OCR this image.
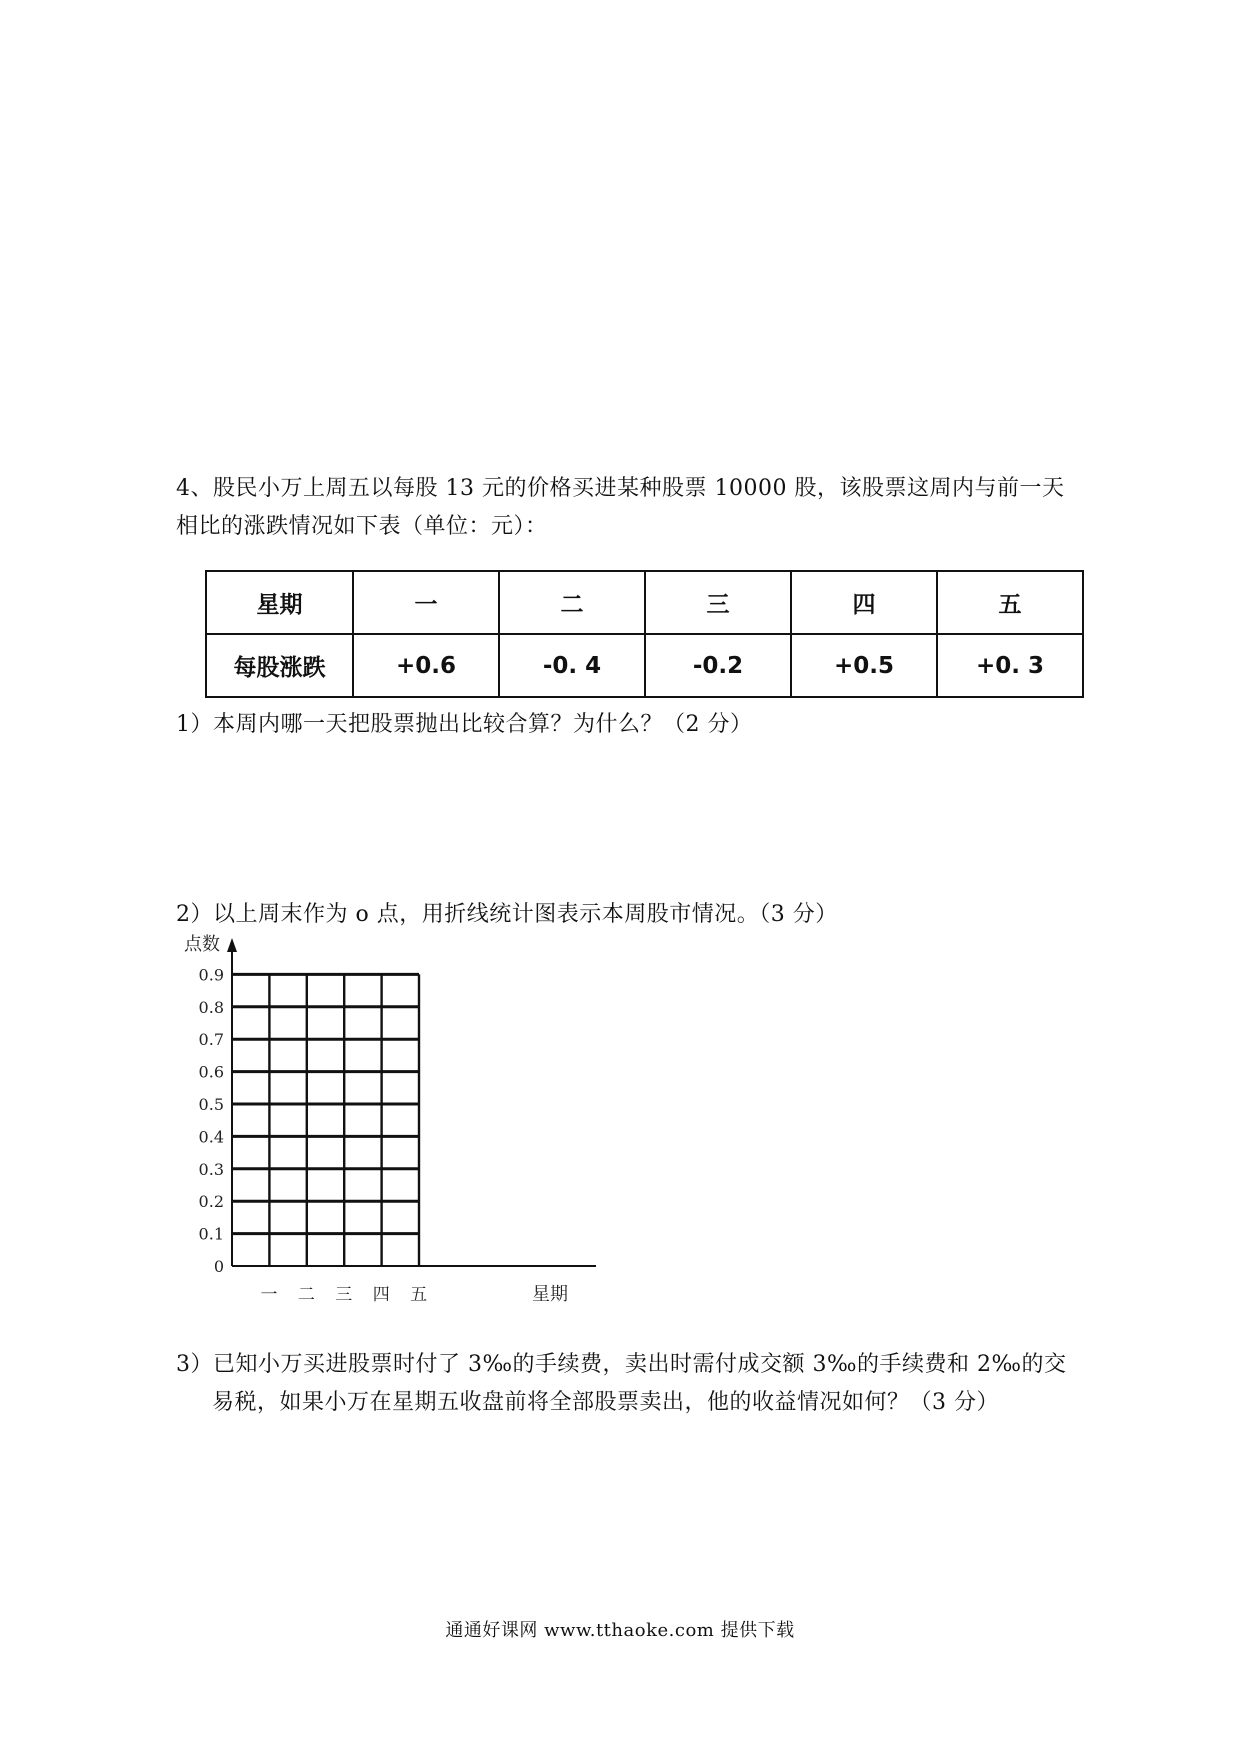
4、股民小万上周五以每股 13 元的价格买进某种股票 10000 股，该股票这周内与前一天
相比的涨跌情况如下表（单位：元）：
星期	一	二	三	四	五
每股涨跌	+0.6	-0. 4	-0.2	+0.5	+0. 3
1）本周内哪一天把股票抛出比较合算？为什么？（2 分）
2）以上周末作为 o 点，用折线统计图表示本周股市情况。（3 分）
0
0.1
0.2
0.3
0.4
0.5
0.6
0.7
0.8
0.9
点数
一 二 三 四 五	星期
3）已知小万买进股票时付了 3‰的手续费，卖出时需付成交额 3‰的手续费和 2‰的交
易税，如果小万在星期五收盘前将全部股票卖出，他的收益情况如何？（3 分）
通通好课网 www.tthaoke.com 提供下载
